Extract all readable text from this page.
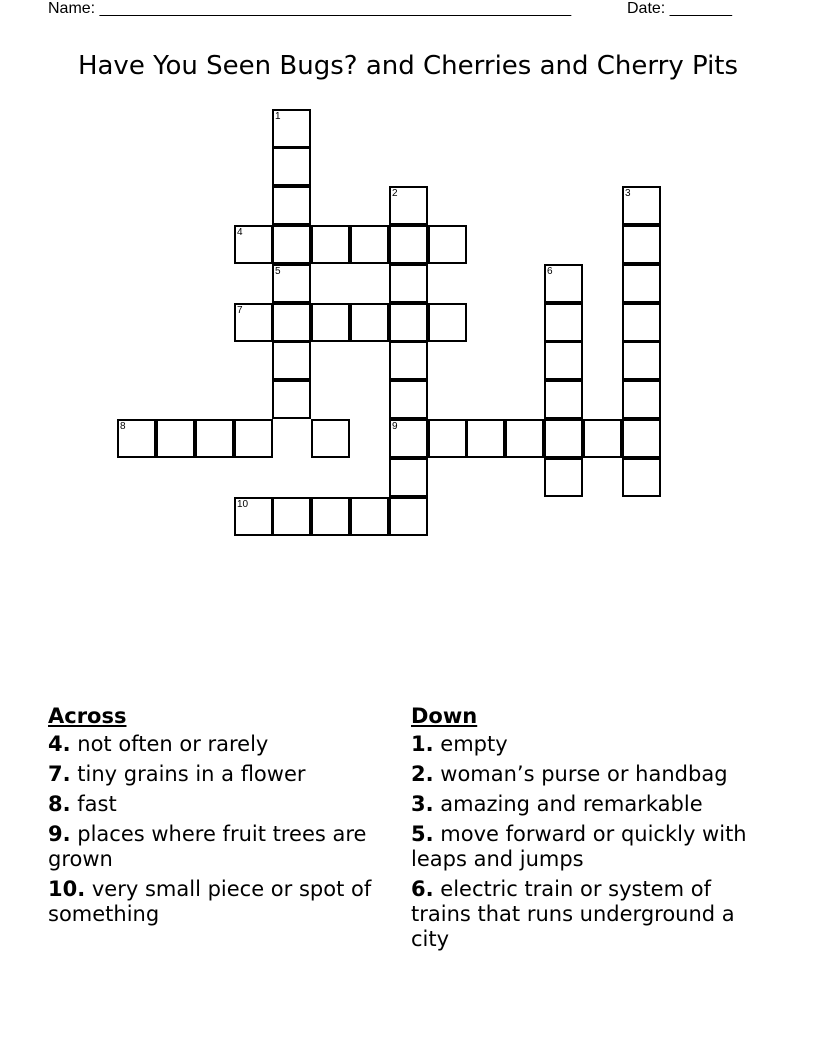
Name: _____________________________________________________	Date: _______
Have You Seen Bugs? and Cherries and Cherry Pits
1
4
2
9
3
5
7
6
8
10
Across
4. not often or rarely
7. tiny grains in a flower
8. fast
9. places where fruit trees are grown
10. very small piece or spot of something
Down
1. empty
2. woman’s purse or handbag
3. amazing and remarkable
5. move forward or quickly with leaps and jumps
6. electric train or system of trains that runs underground a city
